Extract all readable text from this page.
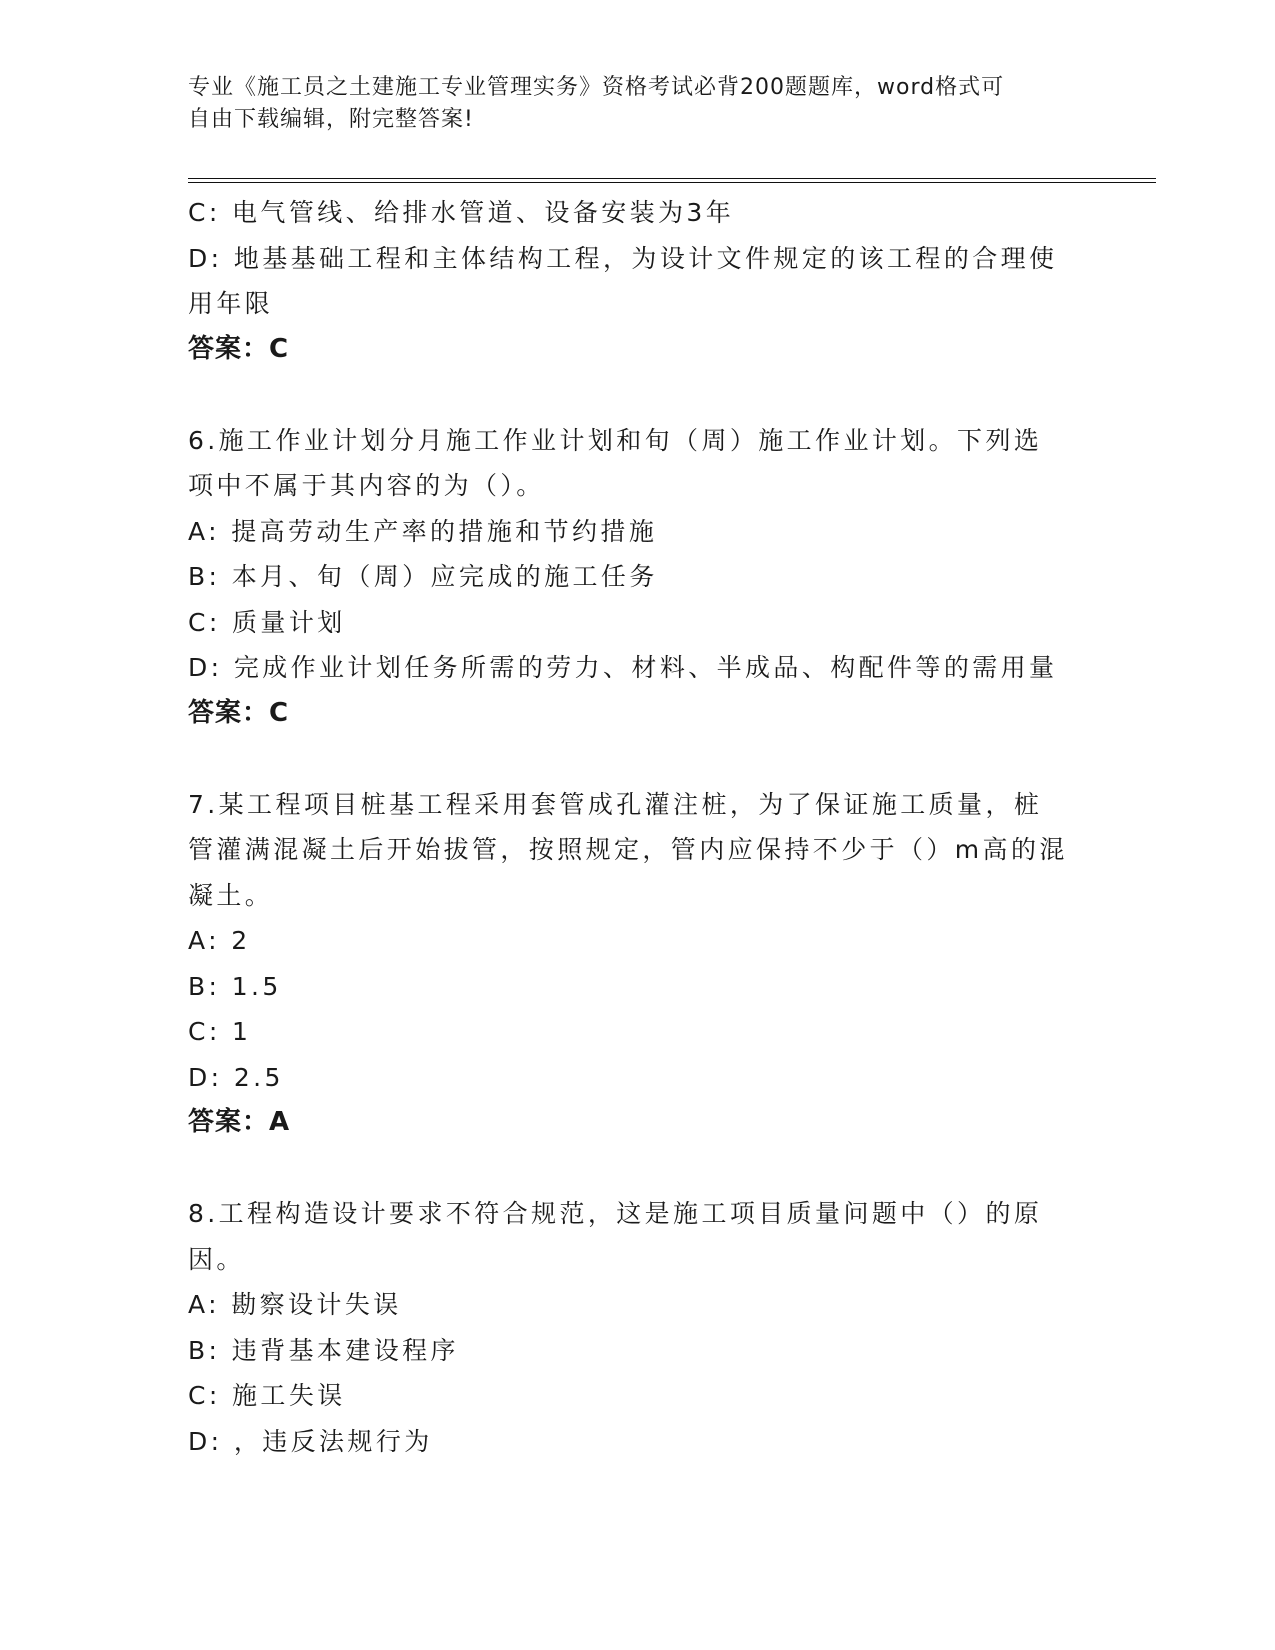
专业《施工员之土建施工专业管理实务》资格考试必背200题题库，word格式可
自由下载编辑，附完整答案!
C: 电气管线、给排水管道、设备安装为3年
D: 地基基础工程和主体结构工程，为设计文件规定的该工程的合理使
用年限
答案：C
6.施工作业计划分月施工作业计划和旬（周）施工作业计划。下列选
项中不属于其内容的为（）。
A: 提高劳动生产率的措施和节约措施
B: 本月、旬（周）应完成的施工任务
C: 质量计划
D: 完成作业计划任务所需的劳力、材料、半成品、构配件等的需用量
答案：C
7.某工程项目桩基工程采用套管成孔灌注桩，为了保证施工质量，桩
管灌满混凝土后开始拔管，按照规定，管内应保持不少于（）m高的混
凝土。
A: 2
B: 1.5
C: 1
D: 2.5
答案：A
8.工程构造设计要求不符合规范，这是施工项目质量问题中（）的原
因。
A: 勘察设计失误
B: 违背基本建设程序
C: 施工失误
D: ，违反法规行为
